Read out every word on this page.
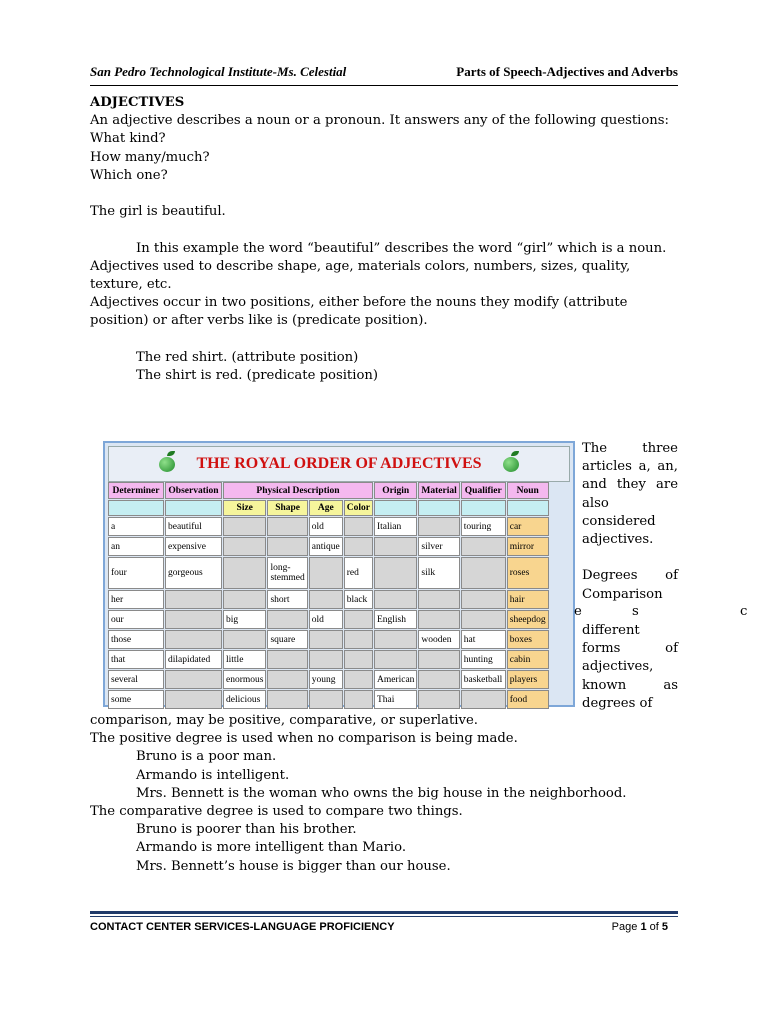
San Pedro Technological Institute-Ms. Celestial	Parts of Speech-Adjectives and Adverbs

ADJECTIVES

An adjective describes a noun or a pronoun. It answers any of the following questions:

What kind?

How many/much?

Which one?

The girl is beautiful.

In this example the word “beautiful” describes the word “girl” which is a noun.

Adjectives used to describe shape, age, materials colors, numbers, sizes, quality, texture, etc.

Adjectives occur in two positions, either before the nouns they modify (attribute position) or after verbs like is (predicate position).

The red shirt. (attribute position)

The shirt is red. (predicate position)

THE ROYAL ORDER OF ADJECTIVES
Determiner	Observation	Physical Description				Origin	Material	Qualifier	Noun
		Size	Shape	Age	Color				
a	beautiful			old		Italian		touring	car
an	expensive			antique			silver		mirror
four	gorgeous		long-stemmed		red		silk		roses
her			short		black				hair
our		big		old		English			sheepdog
those			square				wooden	hat	boxes
that	dilapidated	little						hunting	cabin
several		enormous		young		American		basketball	players
some		delicious				Thai			food

The three articles a, an, and they are also considered adjectives.

Degrees of Comparison

different forms of adjectives, known as degrees of

e	s	c

comparison, may be positive, comparative, or superlative.

The positive degree is used when no comparison is being made.

Bruno is a poor man.

Armando is intelligent.

Mrs. Bennett is the woman who owns the big house in the neighborhood.

The comparative degree is used to compare two things.

Bruno is poorer than his brother.

Armando is more intelligent than Mario.

Mrs. Bennett’s house is bigger than our house.

CONTACT CENTER SERVICES-LANGUAGE PROFICIENCY	Page 1 of 5
